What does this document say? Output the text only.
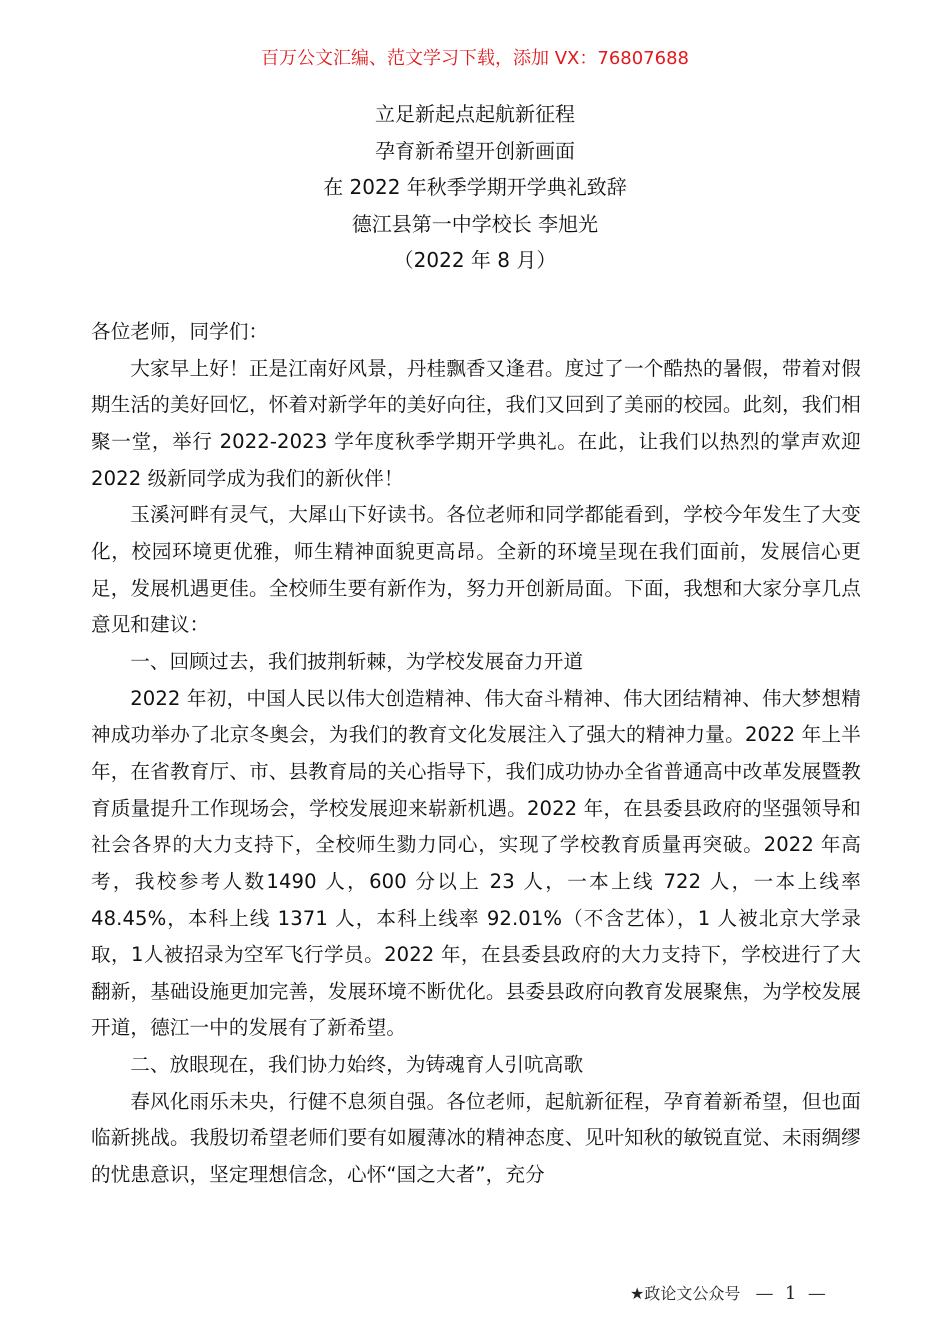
百万公文汇编、范文学习下载，添加 VX：76807688
立足新起点起航新征程
孕育新希望开创新画面
在 2022 年秋季学期开学典礼致辞
德江县第一中学校长 李旭光
（2022 年 8 月）

各位老师，同学们：

大家早上好！正是江南好风景，丹桂飘香又逢君。度过了一个酷热的暑假，带着对假期生活的美好回忆，怀着对新学年的美好向往，我们又回到了美丽的校园。此刻，我们相聚一堂，举行 2022-2023 学年度秋季学期开学典礼。在此，让我们以热烈的掌声欢迎 2022 级新同学成为我们的新伙伴！

玉溪河畔有灵气，大犀山下好读书。各位老师和同学都能看到，学校今年发生了大变化，校园环境更优雅，师生精神面貌更高昂。全新的环境呈现在我们面前，发展信心更足，发展机遇更佳。全校师生要有新作为，努力开创新局面。下面，我想和大家分享几点意见和建议：

一、回顾过去，我们披荆斩棘，为学校发展奋力开道

2022 年初，中国人民以伟大创造精神、伟大奋斗精神、伟大团结精神、伟大梦想精神成功举办了北京冬奥会，为我们的教育文化发展注入了强大的精神力量。2022 年上半年，在省教育厅、市、县教育局的关心指导下，我们成功协办全省普通高中改革发展暨教育质量提升工作现场会，学校发展迎来崭新机遇。2022 年，在县委县政府的坚强领导和社会各界的大力支持下，全校师生勠力同心，实现了学校教育质量再突破。2022 年高考，我校参考人数1490 人，600 分以上 23 人，一本上线 722 人，一本上线率 48.45%，本科上线 1371 人，本科上线率 92.01%（不含艺体），1 人被北京大学录取，1人被招录为空军飞行学员。2022 年，在县委县政府的大力支持下，学校进行了大翻新，基础设施更加完善，发展环境不断优化。县委县政府向教育发展聚焦，为学校发展开道，德江一中的发展有了新希望。

二、放眼现在，我们协力始终，为铸魂育人引吭高歌

春风化雨乐未央，行健不息须自强。各位老师，起航新征程，孕育着新希望，但也面临新挑战。我殷切希望老师们要有如履薄冰的精神态度、见叶知秋的敏锐直觉、未雨绸缪的忧患意识，坚定理想信念，心怀“国之大者”，充分

★政论文公众号 — 1 —
